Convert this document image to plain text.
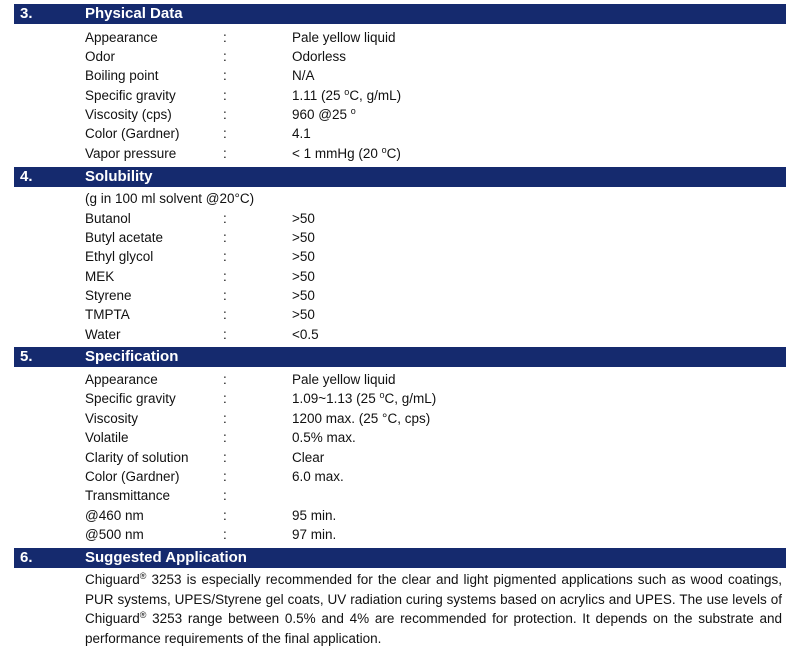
3.	Physical Data
Appearance	:	Pale yellow liquid
Odor	:	Odorless
Boiling point	:	N/A
Specific gravity	:	1.11 (25 $^o$C, g/mL)
Viscosity (cps)	:	960 @25 $^o$
Color (Gardner)	:	4.1
Vapor pressure	:	< 1 mmHg (20 $^o$C)
4.	Solubility
(g in 100 ml solvent @20°C)
Butanol	:	>50
Butyl acetate	:	>50
Ethyl glycol	:	>50
MEK	:	>50
Styrene	:	>50
TMPTA	:	>50
Water	:	<0.5
5.	Specification
Appearance	:	Pale yellow liquid
Specific gravity	:	1.09~1.13 (25 $^o$C, g/mL)
Viscosity	:	1200 max. (25 °C, cps)
Volatile	:	0.5% max.
Clarity of solution	:	Clear
Color (Gardner)	:	6.0 max.
Transmittance	:
@460 nm	:	95 min.
@500 nm	:	97 min.
6.	Suggested Application
Chiguard® 3253 is especially recommended for the clear and light pigmented applications such as wood coatings, PUR systems, UPES/Styrene gel coats, UV radiation curing systems based on acrylics and UPES. The use levels of Chiguard® 3253 range between 0.5% and 4% are recommended for protection. It depends on the substrate and performance requirements of the final application.
